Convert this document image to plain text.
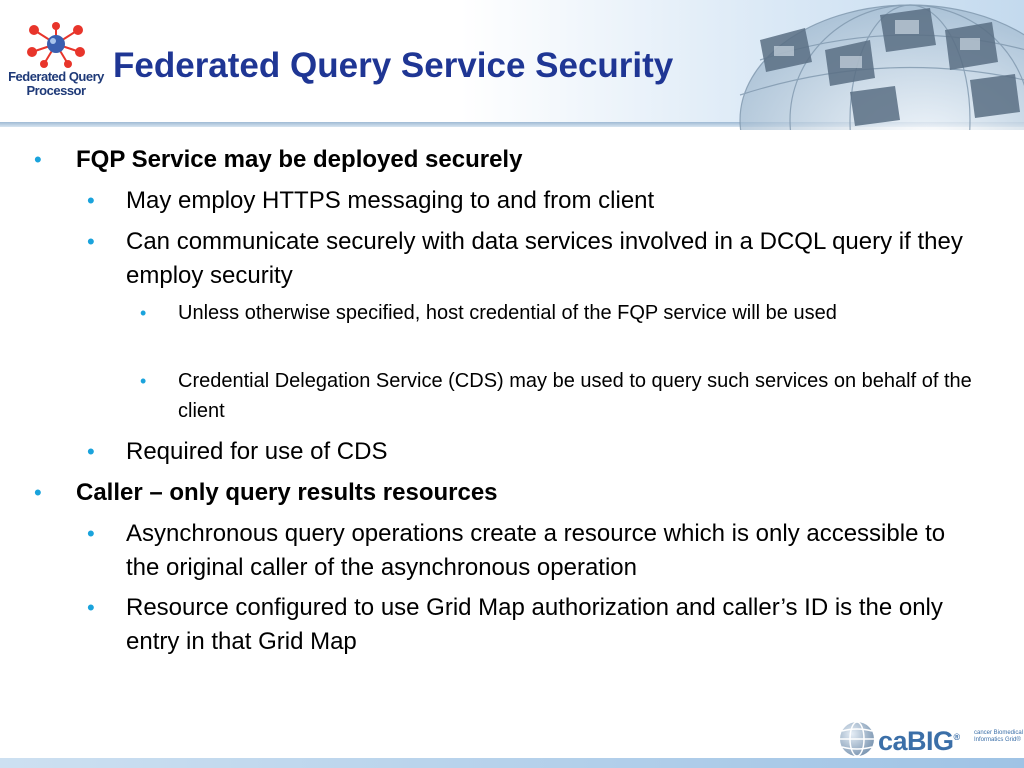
Federated Query Processor
Federated Query Service Security
• FQP Service may be deployed securely
• May employ HTTPS messaging to and from client
• Can communicate securely with data services involved in a DCQL query if they employ security
• Unless otherwise specified, host credential of the FQP service will be used
• Credential Delegation Service (CDS) may be used to query such services on behalf of the client
• Required for use of CDS
• Caller – only query results resources
• Asynchronous query operations create a resource which is only accessible to the original caller of the asynchronous operation
• Resource configured to use Grid Map authorization and caller’s ID is the only entry in that Grid Map
caBIG® cancer Biomedical Informatics Grid®
